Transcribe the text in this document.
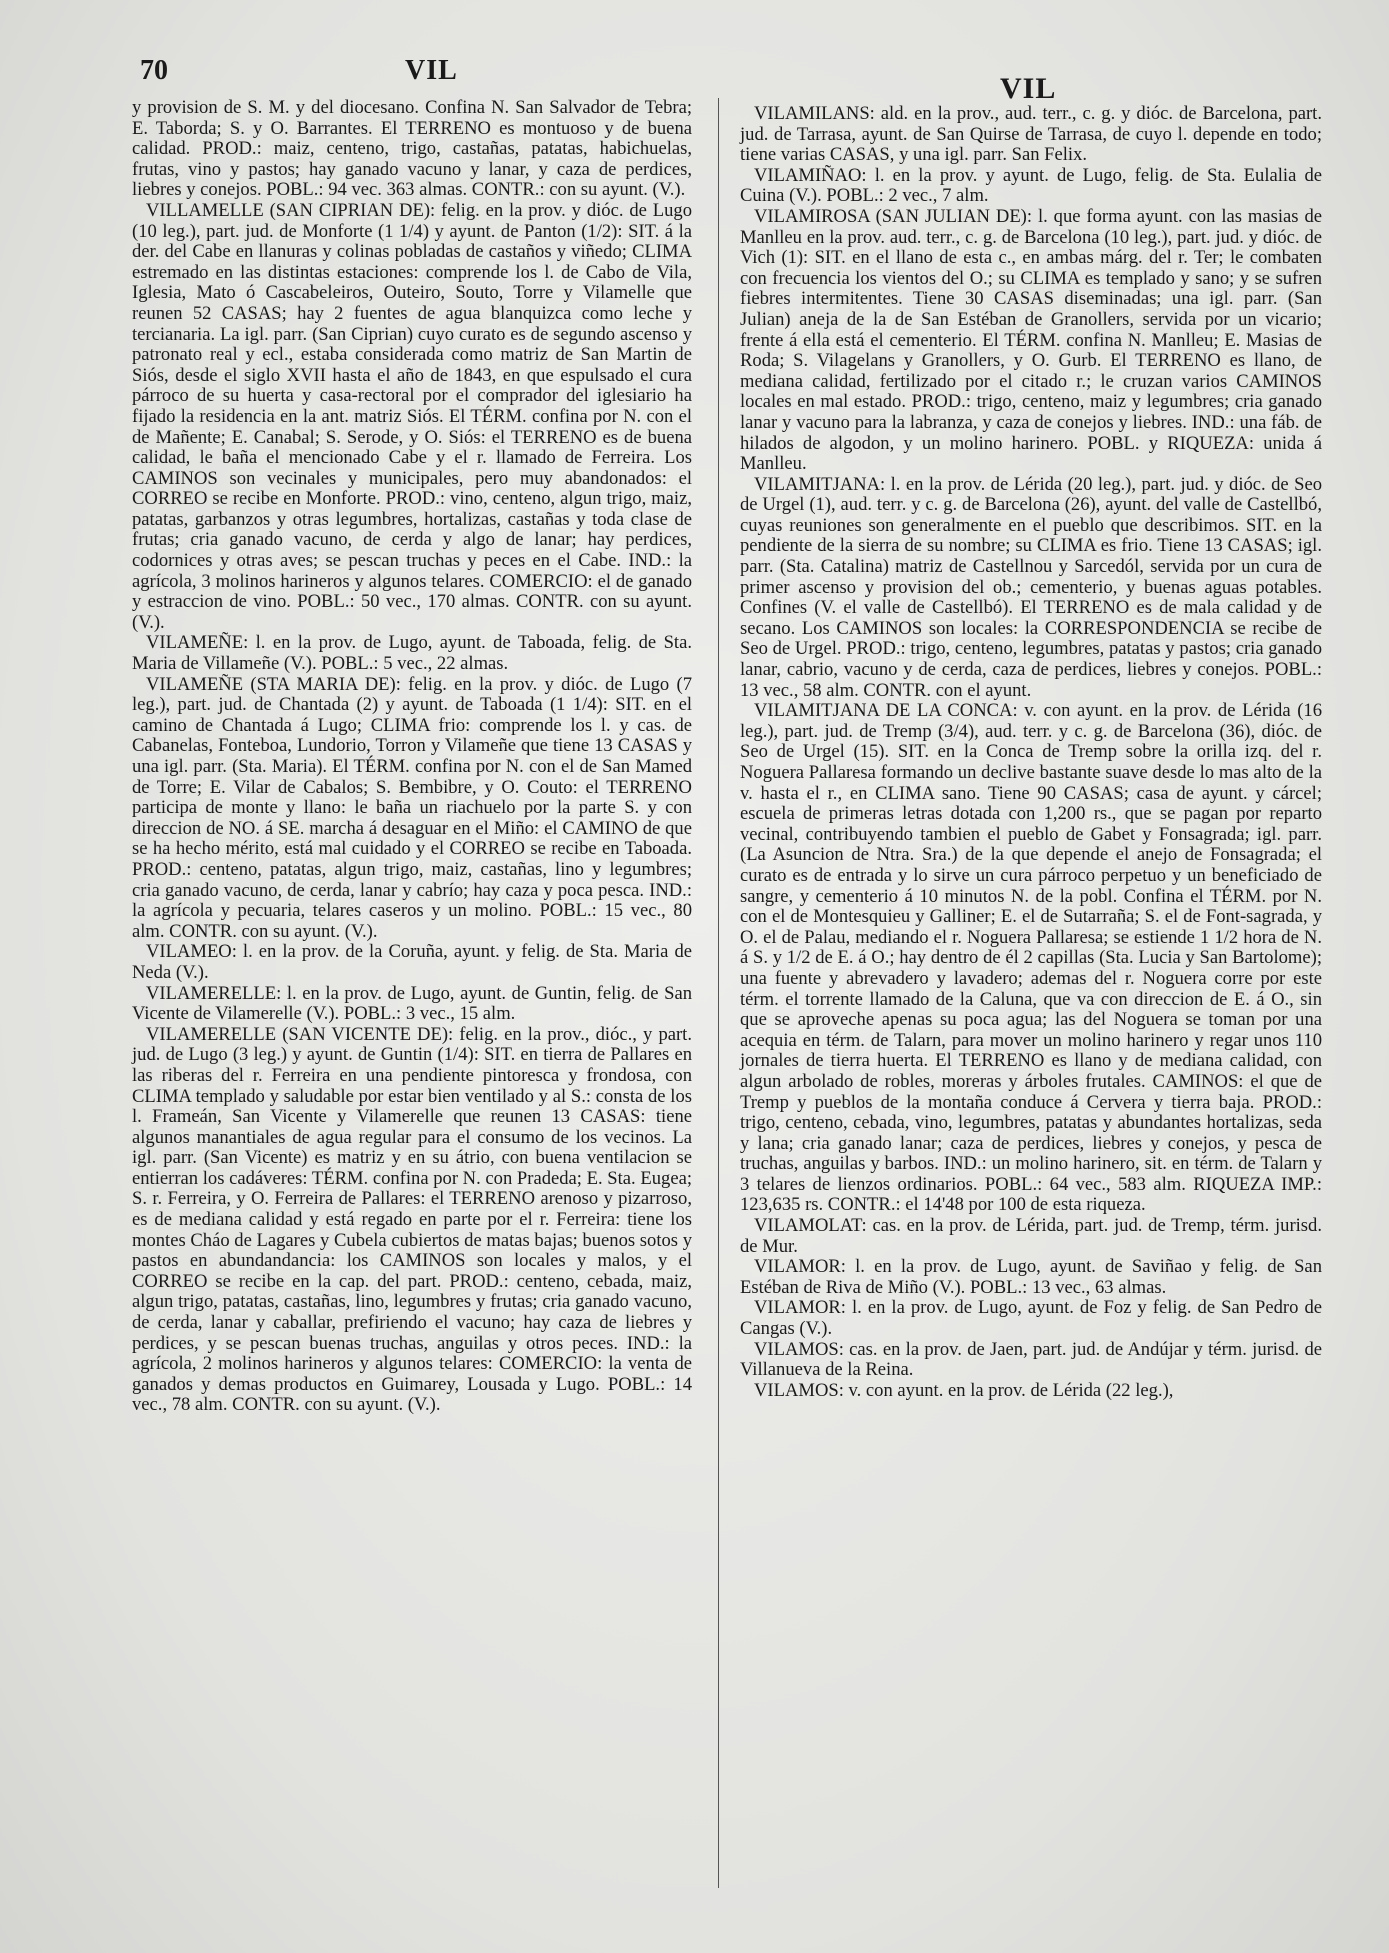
70	VIL
VIL

y provision de S. M. y del diocesano. Confina N. San Salvador de Tebra; E. Taborda; S. y O. Barrantes. El TERRENO es montuoso y de buena calidad. PROD.: maiz, centeno, trigo, castañas, patatas, habichuelas, frutas, vino y pastos; hay ganado vacuno y lanar, y caza de perdices, liebres y conejos. POBL.: 94 vec. 363 almas. CONTR.: con su ayunt. (V.).

VILLAMELLE (SAN CIPRIAN DE): felig. en la prov. y dióc. de Lugo (10 leg.), part. jud. de Monforte (1 1/4) y ayunt. de Panton (1/2): SIT. á la der. del Cabe en llanuras y colinas pobladas de castaños y viñedo; CLIMA estremado en las distintas estaciones: comprende los l. de Cabo de Vila, Iglesia, Mato ó Cascabeleiros, Outeiro, Souto, Torre y Vilamelle que reunen 52 CASAS; hay 2 fuentes de agua blanquizca como leche y tercianaria. La igl. parr. (San Ciprian) cuyo curato es de segundo ascenso y patronato real y ecl., estaba considerada como matriz de San Martin de Siós, desde el siglo XVII hasta el año de 1843, en que espulsado el cura párroco de su huerta y casa-rectoral por el comprador del iglesiario ha fijado la residencia en la ant. matriz Siós. El TÉRM. confina por N. con el de Mañente; E. Canabal; S. Serode, y O. Siós: el TERRENO es de buena calidad, le baña el mencionado Cabe y el r. llamado de Ferreira. Los CAMINOS son vecinales y municipales, pero muy abandonados: el CORREO se recibe en Monforte. PROD.: vino, centeno, algun trigo, maiz, patatas, garbanzos y otras legumbres, hortalizas, castañas y toda clase de frutas; cria ganado vacuno, de cerda y algo de lanar; hay perdices, codornices y otras aves; se pescan truchas y peces en el Cabe. IND.: la agrícola, 3 molinos harineros y algunos telares. COMERCIO: el de ganado y estraccion de vino. POBL.: 50 vec., 170 almas. CONTR. con su ayunt. (V.).

VILAMEÑE: l. en la prov. de Lugo, ayunt. de Taboada, felig. de Sta. Maria de Villameñe (V.). POBL.: 5 vec., 22 almas.

VILAMEÑE (STA MARIA DE): felig. en la prov. y dióc. de Lugo (7 leg.), part. jud. de Chantada (2) y ayunt. de Taboada (1 1/4): SIT. en el camino de Chantada á Lugo; CLIMA frio: comprende los l. y cas. de Cabanelas, Fonteboa, Lundorio, Torron y Vilameñe que tiene 13 CASAS y una igl. parr. (Sta. Maria). El TÉRM. confina por N. con el de San Mamed de Torre; E. Vilar de Cabalos; S. Bembibre, y O. Couto: el TERRENO participa de monte y llano: le baña un riachuelo por la parte S. y con direccion de NO. á SE. marcha á desaguar en el Miño: el CAMINO de que se ha hecho mérito, está mal cuidado y el CORREO se recibe en Taboada. PROD.: centeno, patatas, algun trigo, maiz, castañas, lino y legumbres; cria ganado vacuno, de cerda, lanar y cabrío; hay caza y poca pesca. IND.: la agrícola y pecuaria, telares caseros y un molino. POBL.: 15 vec., 80 alm. CONTR. con su ayunt. (V.).

VILAMEO: l. en la prov. de la Coruña, ayunt. y felig. de Sta. Maria de Neda (V.).

VILAMERELLE: l. en la prov. de Lugo, ayunt. de Guntin, felig. de San Vicente de Vilamerelle (V.). POBL.: 3 vec., 15 alm.

VILAMERELLE (SAN VICENTE DE): felig. en la prov., dióc., y part. jud. de Lugo (3 leg.) y ayunt. de Guntin (1/4): SIT. en tierra de Pallares en las riberas del r. Ferreira en una pendiente pintoresca y frondosa, con CLIMA templado y saludable por estar bien ventilado y al S.: consta de los l. Frameán, San Vicente y Vilamerelle que reunen 13 CASAS: tiene algunos manantiales de agua regular para el consumo de los vecinos. La igl. parr. (San Vicente) es matriz y en su átrio, con buena ventilacion se entierran los cadáveres: TÉRM. confina por N. con Pradeda; E. Sta. Eugea; S. r. Ferreira, y O. Ferreira de Pallares: el TERRENO arenoso y pizarroso, es de mediana calidad y está regado en parte por el r. Ferreira: tiene los montes Cháo de Lagares y Cubela cubiertos de matas bajas; buenos sotos y pastos en abundandancia: los CAMINOS son locales y malos, y el CORREO se recibe en la cap. del part. PROD.: centeno, cebada, maiz, algun trigo, patatas, castañas, lino, legumbres y frutas; cria ganado vacuno, de cerda, lanar y caballar, prefiriendo el vacuno; hay caza de liebres y perdices, y se pescan buenas truchas, anguilas y otros peces. IND.: la agrícola, 2 molinos harineros y algunos telares: COMERCIO: la venta de ganados y demas productos en Guimarey, Lousada y Lugo. POBL.: 14 vec., 78 alm. CONTR. con su ayunt. (V.).

VILAMILANS: ald. en la prov., aud. terr., c. g. y dióc. de Barcelona, part. jud. de Tarrasa, ayunt. de San Quirse de Tarrasa, de cuyo l. depende en todo; tiene varias CASAS, y una igl. parr. San Felix.

VILAMIÑAO: l. en la prov. y ayunt. de Lugo, felig. de Sta. Eulalia de Cuina (V.). POBL.: 2 vec., 7 alm.

VILAMIROSA (SAN JULIAN DE): l. que forma ayunt. con las masias de Manlleu en la prov. aud. terr., c. g. de Barcelona (10 leg.), part. jud. y dióc. de Vich (1): SIT. en el llano de esta c., en ambas márg. del r. Ter; le combaten con frecuencia los vientos del O.; su CLIMA es templado y sano; y se sufren fiebres intermitentes. Tiene 30 CASAS diseminadas; una igl. parr. (San Julian) aneja de la de San Estéban de Granollers, servida por un vicario; frente á ella está el cementerio. El TÉRM. confina N. Manlleu; E. Masias de Roda; S. Vilagelans y Granollers, y O. Gurb. El TERRENO es llano, de mediana calidad, fertilizado por el citado r.; le cruzan varios CAMINOS locales en mal estado. PROD.: trigo, centeno, maiz y legumbres; cria ganado lanar y vacuno para la labranza, y caza de conejos y liebres. IND.: una fáb. de hilados de algodon, y un molino harinero. POBL. y RIQUEZA: unida á Manlleu.

VILAMITJANA: l. en la prov. de Lérida (20 leg.), part. jud. y dióc. de Seo de Urgel (1), aud. terr. y c. g. de Barcelona (26), ayunt. del valle de Castellbó, cuyas reuniones son generalmente en el pueblo que describimos. SIT. en la pendiente de la sierra de su nombre; su CLIMA es frio. Tiene 13 CASAS; igl. parr. (Sta. Catalina) matriz de Castellnou y Sarcedól, servida por un cura de primer ascenso y provision del ob.; cementerio, y buenas aguas potables. Confines (V. el valle de Castellbó). El TERRENO es de mala calidad y de secano. Los CAMINOS son locales: la CORRESPONDENCIA se recibe de Seo de Urgel. PROD.: trigo, centeno, legumbres, patatas y pastos; cria ganado lanar, cabrio, vacuno y de cerda, caza de perdices, liebres y conejos. POBL.: 13 vec., 58 alm. CONTR. con el ayunt.

VILAMITJANA DE LA CONCA: v. con ayunt. en la prov. de Lérida (16 leg.), part. jud. de Tremp (3/4), aud. terr. y c. g. de Barcelona (36), dióc. de Seo de Urgel (15). SIT. en la Conca de Tremp sobre la orilla izq. del r. Noguera Pallaresa formando un declive bastante suave desde lo mas alto de la v. hasta el r., en CLIMA sano. Tiene 90 CASAS; casa de ayunt. y cárcel; escuela de primeras letras dotada con 1,200 rs., que se pagan por reparto vecinal, contribuyendo tambien el pueblo de Gabet y Fonsagrada; igl. parr. (La Asuncion de Ntra. Sra.) de la que depende el anejo de Fonsagrada; el curato es de entrada y lo sirve un cura párroco perpetuo y un beneficiado de sangre, y cementerio á 10 minutos N. de la pobl. Confina el TÉRM. por N. con el de Montesquieu y Galliner; E. el de Sutarraña; S. el de Font-sagrada, y O. el de Palau, mediando el r. Noguera Pallaresa; se estiende 1 1/2 hora de N. á S. y 1/2 de E. á O.; hay dentro de él 2 capillas (Sta. Lucia y San Bartolome); una fuente y abrevadero y lavadero; ademas del r. Noguera corre por este térm. el torrente llamado de la Caluna, que va con direccion de E. á O., sin que se aproveche apenas su poca agua; las del Noguera se toman por una acequia en térm. de Talarn, para mover un molino harinero y regar unos 110 jornales de tierra huerta. El TERRENO es llano y de mediana calidad, con algun arbolado de robles, moreras y árboles frutales. CAMINOS: el que de Tremp y pueblos de la montaña conduce á Cervera y tierra baja. PROD.: trigo, centeno, cebada, vino, legumbres, patatas y abundantes hortalizas, seda y lana; cria ganado lanar; caza de perdices, liebres y conejos, y pesca de truchas, anguilas y barbos. IND.: un molino harinero, sit. en térm. de Talarn y 3 telares de lienzos ordinarios. POBL.: 64 vec., 583 alm. RIQUEZA IMP.: 123,635 rs. CONTR.: el 14'48 por 100 de esta riqueza.

VILAMOLAT: cas. en la prov. de Lérida, part. jud. de Tremp, térm. jurisd. de Mur.

VILAMOR: l. en la prov. de Lugo, ayunt. de Saviñao y felig. de San Estéban de Riva de Miño (V.). POBL.: 13 vec., 63 almas.

VILAMOR: l. en la prov. de Lugo, ayunt. de Foz y felig. de San Pedro de Cangas (V.).

VILAMOS: cas. en la prov. de Jaen, part. jud. de Andújar y térm. jurisd. de Villanueva de la Reina.

VILAMOS: v. con ayunt. en la prov. de Lérida (22 leg.),
